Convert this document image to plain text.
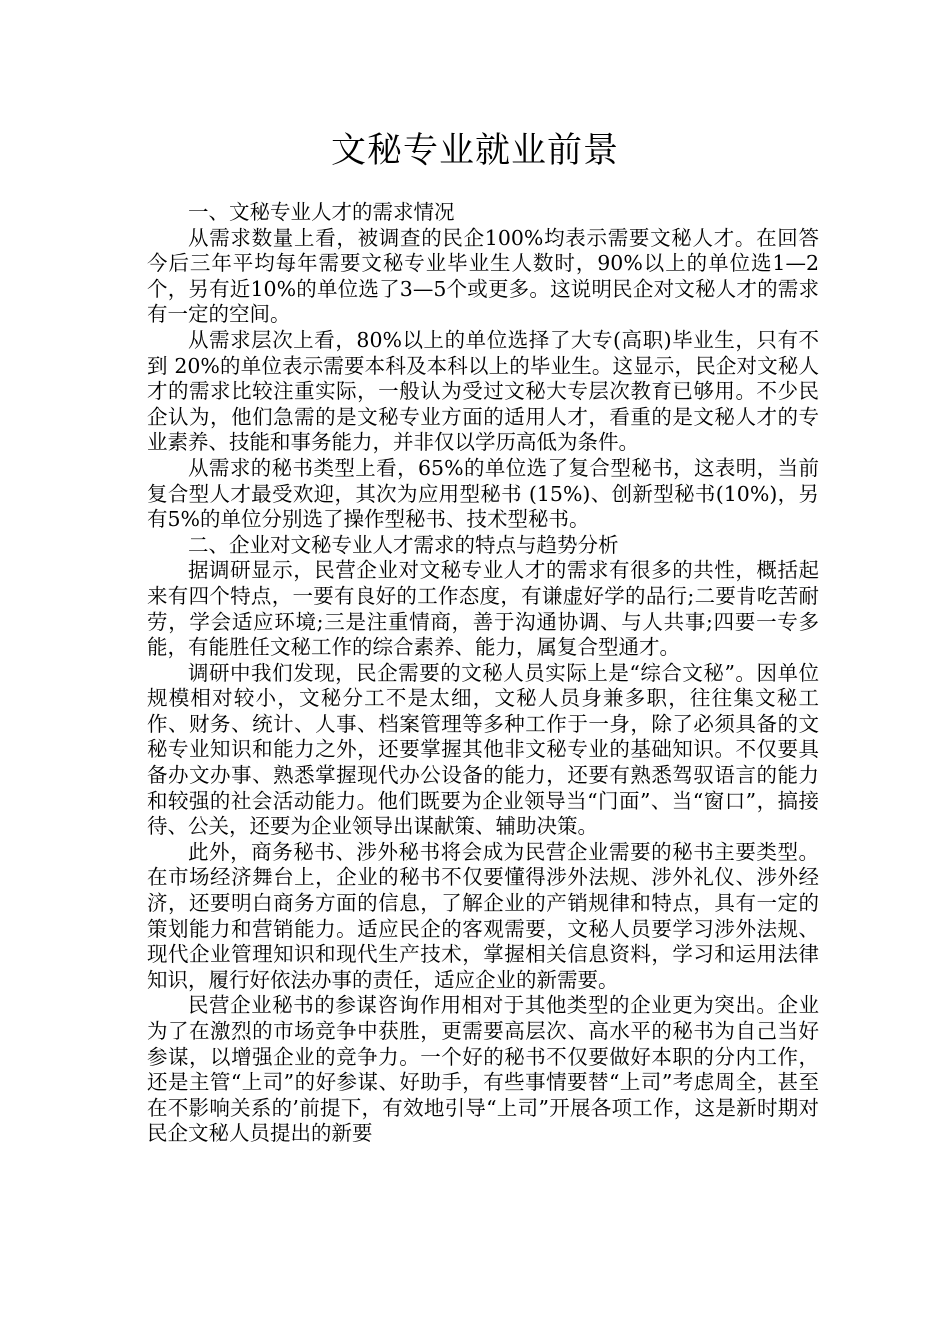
文秘专业就业前景

一、文秘专业人才的需求情况

从需求数量上看，被调查的民企100%均表示需要文秘人才。在回答今后三年平均每年需要文秘专业毕业生人数时，90%以上的单位选1—2个，另有近10%的单位选了3—5个或更多。这说明民企对文秘人才的需求有一定的空间。

从需求层次上看，80%以上的单位选择了大专(高职)毕业生，只有不到 20%的单位表示需要本科及本科以上的毕业生。这显示，民企对文秘人才的需求比较注重实际，一般认为受过文秘大专层次教育已够用。不少民企认为，他们急需的是文秘专业方面的适用人才，看重的是文秘人才的专业素养、技能和事务能力，并非仅以学历高低为条件。

从需求的秘书类型上看，65%的单位选了复合型秘书，这表明，当前复合型人才最受欢迎，其次为应用型秘书 (15%)、创新型秘书(10%)，另有5%的单位分别选了操作型秘书、技术型秘书。

二、企业对文秘专业人才需求的特点与趋势分析

据调研显示，民营企业对文秘专业人才的需求有很多的共性，概括起来有四个特点，一要有良好的工作态度，有谦虚好学的品行;二要肯吃苦耐劳，学会适应环境;三是注重情商，善于沟通协调、与人共事;四要一专多能，有能胜任文秘工作的综合素养、能力，属复合型通才。

调研中我们发现，民企需要的文秘人员实际上是“综合文秘”。因单位规模相对较小，文秘分工不是太细，文秘人员身兼多职，往往集文秘工作、财务、统计、人事、档案管理等多种工作于一身，除了必须具备的文秘专业知识和能力之外，还要掌握其他非文秘专业的基础知识。不仅要具备办文办事、熟悉掌握现代办公设备的能力，还要有熟悉驾驭语言的能力和较强的社会活动能力。他们既要为企业领导当“门面”、当“窗口”，搞接待、公关，还要为企业领导出谋献策、辅助决策。

此外，商务秘书、涉外秘书将会成为民营企业需要的秘书主要类型。在市场经济舞台上，企业的秘书不仅要懂得涉外法规、涉外礼仪、涉外经济，还要明白商务方面的信息，了解企业的产销规律和特点，具有一定的策划能力和营销能力。适应民企的客观需要，文秘人员要学习涉外法规、现代企业管理知识和现代生产技术，掌握相关信息资料，学习和运用法律知识，履行好依法办事的责任，适应企业的新需要。

民营企业秘书的参谋咨询作用相对于其他类型的企业更为突出。企业为了在激烈的市场竞争中获胜，更需要高层次、高水平的秘书为自己当好参谋，以增强企业的竞争力。一个好的秘书不仅要做好本职的分内工作，还是主管“上司”的好参谋、好助手，有些事情要替“上司”考虑周全，甚至在不影响关系的’前提下，有效地引导“上司”开展各项工作，这是新时期对民企文秘人员提出的新要
